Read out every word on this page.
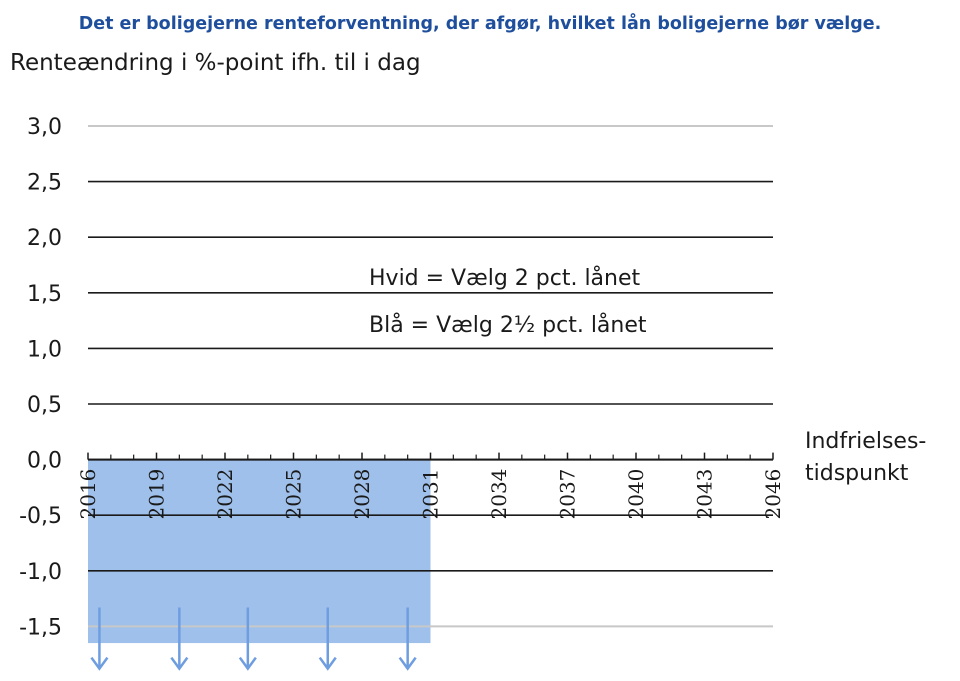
Det er boligejerne renteforventning, der afgør, hvilket lån boligejerne bør vælge.
Renteændring i %-point ifh. til i dag
3,0
2,5
2,0
1,5
1,0
0,5
0,0
-0,5
-1,0
-1,5
2016 2019 2022 2025 2028 2031 2034 2037 2040 2043 2046
Hvid = Vælg 2 pct. lånet
Blå = Vælg 2½ pct. lånet
Indfrielses-
tidspunkt
